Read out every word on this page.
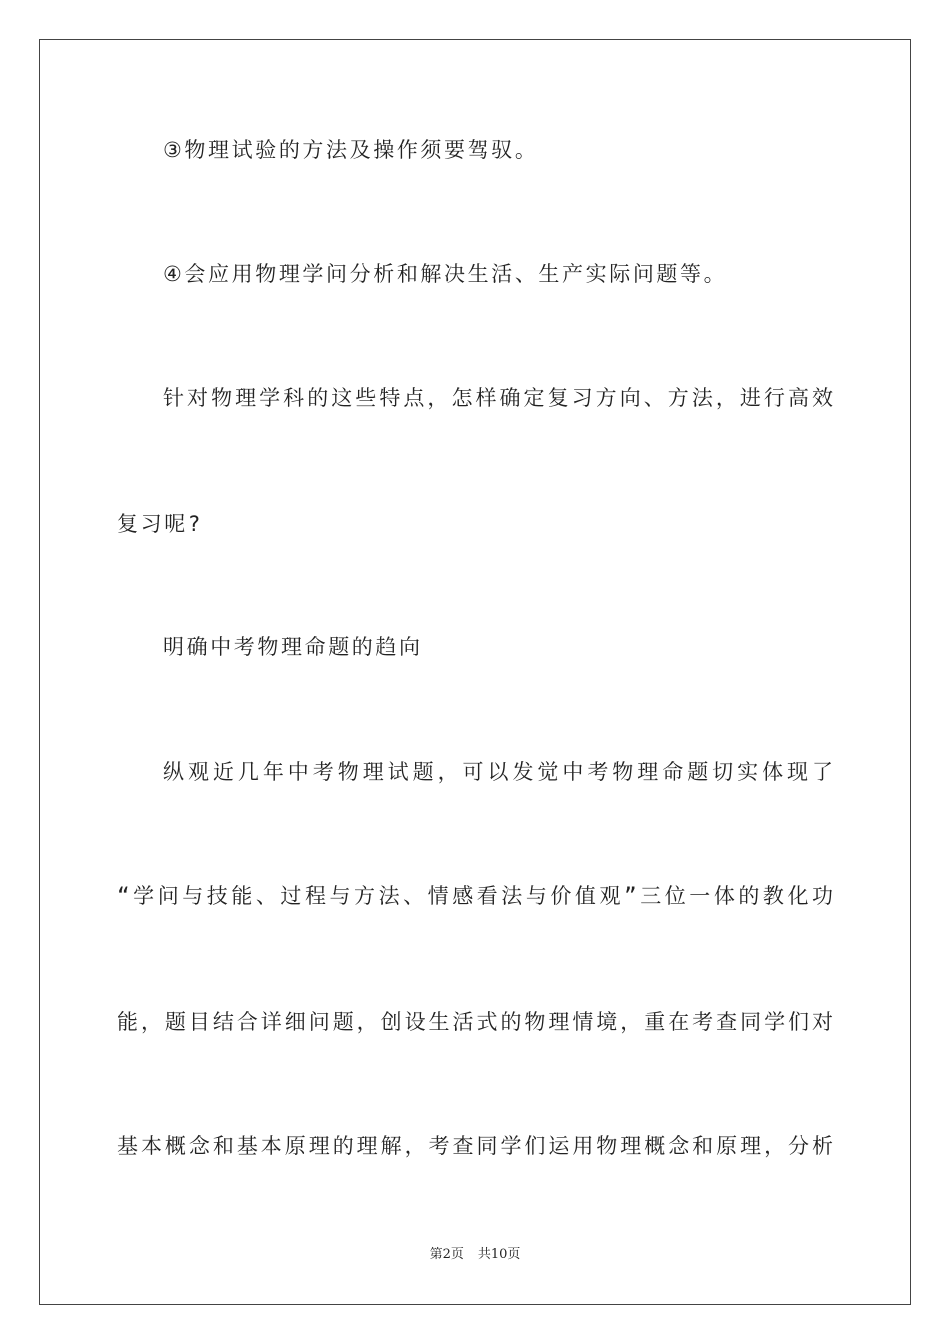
③物理试验的方法及操作须要驾驭。
④会应用物理学问分析和解决生活、生产实际问题等。
针对物理学科的这些特点，怎样确定复习方向、方法，进行高效
复习呢?
明确中考物理命题的趋向
纵观近几年中考物理试题，可以发觉中考物理命题切实体现了
“学问与技能、过程与方法、情感看法与价值观”三位一体的教化功
能，题目结合详细问题，创设生活式的物理情境，重在考查同学们对
基本概念和基本原理的理解，考查同学们运用物理概念和原理，分析
第2页 共10页
